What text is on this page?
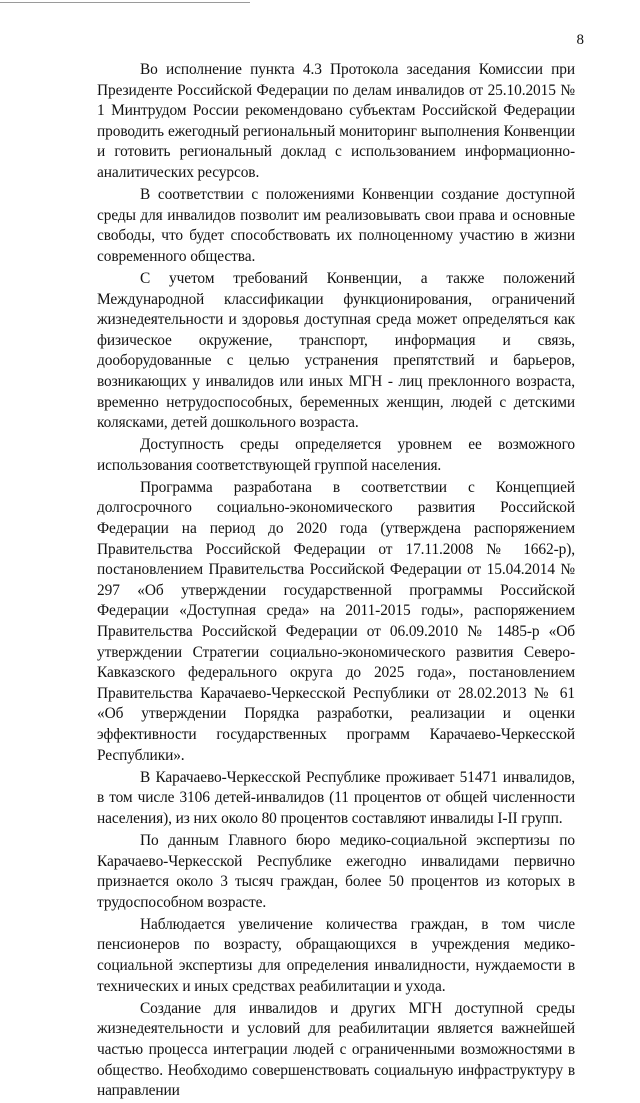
8

Во исполнение пункта 4.3 Протокола заседания Комиссии при Президенте Российской Федерации по делам инвалидов от 25.10.2015 № 1 Минтрудом России рекомендовано субъектам Российской Федерации проводить ежегодный региональный мониторинг выполнения Конвенции и готовить региональный доклад с использованием информационно-аналитических ресурсов.

В соответствии с положениями Конвенции создание доступной среды для инвалидов позволит им реализовывать свои права и основные свободы, что будет способствовать их полноценному участию в жизни современного общества.

С учетом требований Конвенции, а также положений Международной классификации функционирования, ограничений жизнедеятельности и здоровья доступная среда может определяться как физическое окружение, транспорт, информация и связь, дооборудованные с целью устранения препятствий и барьеров, возникающих у инвалидов или иных МГН - лиц преклонного возраста, временно нетрудоспособных, беременных женщин, людей с детскими колясками, детей дошкольного возраста.

Доступность среды определяется уровнем ее возможного использования соответствующей группой населения.

Программа разработана в соответствии с Концепцией долгосрочного социально-экономического развития Российской Федерации на период до 2020 года (утверждена распоряжением Правительства Российской Федерации от 17.11.2008 № 1662-р), постановлением Правительства Российской Федерации от 15.04.2014 № 297 «Об утверждении государственной программы Российской Федерации «Доступная среда» на 2011-2015 годы», распоряжением Правительства Российской Федерации от 06.09.2010 № 1485-р «Об утверждении Стратегии социально-экономического развития Северо-Кавказского федерального округа до 2025 года», постановлением Правительства Карачаево-Черкесской Республики от 28.02.2013 № 61 «Об утверждении Порядка разработки, реализации и оценки эффективности государственных программ Карачаево-Черкесской Республики».

В Карачаево-Черкесской Республике проживает 51471 инвалидов, в том числе 3106 детей-инвалидов (11 процентов от общей численности населения), из них около 80 процентов составляют инвалиды I-II групп.

По данным Главного бюро медико-социальной экспертизы по Карачаево-Черкесской Республике ежегодно инвалидами первично признается около 3 тысяч граждан, более 50 процентов из которых в трудоспособном возрасте.

Наблюдается увеличение количества граждан, в том числе пенсионеров по возрасту, обращающихся в учреждения медико-социальной экспертизы для определения инвалидности, нуждаемости в технических и иных средствах реабилитации и ухода.

Создание для инвалидов и других МГН доступной среды жизнедеятельности и условий для реабилитации является важнейшей частью процесса интеграции людей с ограниченными возможностями в общество. Необходимо совершенствовать социальную инфраструктуру в направлении
